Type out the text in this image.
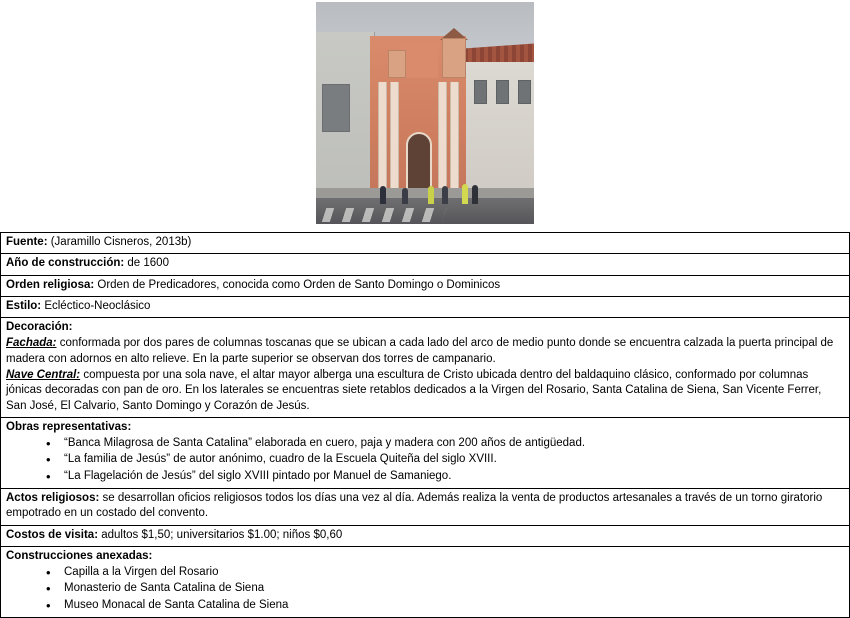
Fuente: (Jaramillo Cisneros, 2013b)
Año de construcción: de 1600
Orden religiosa: Orden de Predicadores, conocida como Orden de Santo Domingo o Dominicos
Estilo: Ecléctico-Neoclásico

Decoración:
Fachada: conformada por dos pares de columnas toscanas que se ubican a cada lado del arco de medio punto donde se encuentra calzada la puerta principal de madera con adornos en alto relieve. En la parte superior se observan dos torres de campanario.
Nave Central: compuesta por una sola nave, el altar mayor alberga una escultura de Cristo ubicada dentro del baldaquino clásico, conformado por columnas jónicas decoradas con pan de oro. En los laterales se encuentras siete retablos dedicados a la Virgen del Rosario, Santa Catalina de Siena, San Vicente Ferrer, San José, El Calvario, Santo Domingo y Corazón de Jesús.

Obras representativas:
• “Banca Milagrosa de Santa Catalina” elaborada en cuero, paja y madera con 200 años de antigüedad.
• “La familia de Jesús” de autor anónimo, cuadro de la Escuela Quiteña del siglo XVIII.
• “La Flagelación de Jesús” del siglo XVIII pintado por Manuel de Samaniego.

Actos religiosos: se desarrollan oficios religiosos todos los días una vez al día. Además realiza la venta de productos artesanales a través de un torno giratorio empotrado en un costado del convento.
Costos de visita: adultos $1,50; universitarios $1.00; niños $0,60

Construcciones anexadas:
• Capilla a la Virgen del Rosario
• Monasterio de Santa Catalina de Siena
• Museo Monacal de Santa Catalina de Siena
